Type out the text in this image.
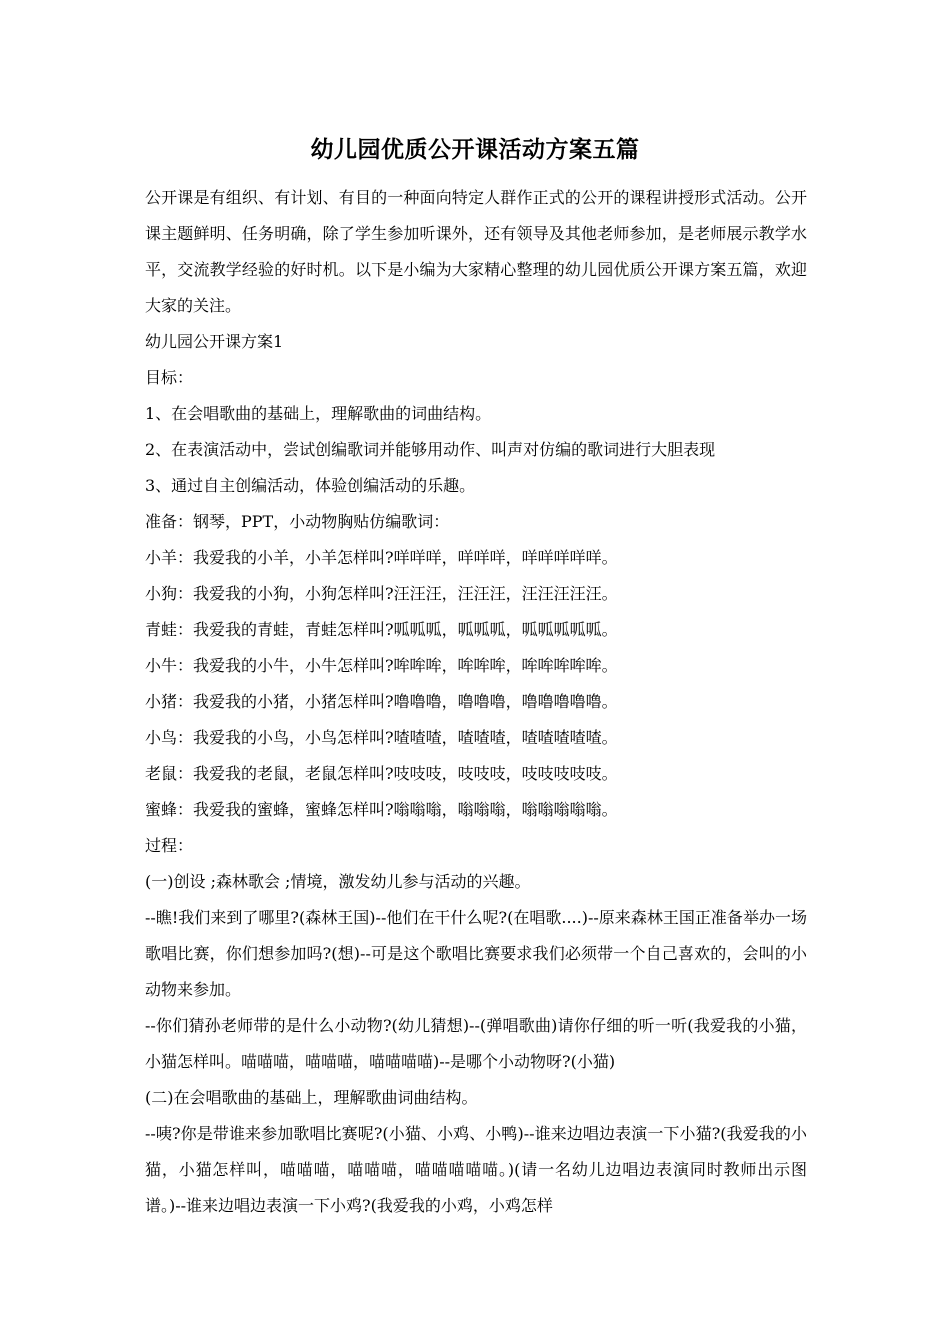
幼儿园优质公开课活动方案五篇

公开课是有组织、有计划、有目的一种面向特定人群作正式的公开的课程讲授形式活动。公开课主题鲜明、任务明确，除了学生参加听课外，还有领导及其他老师参加，是老师展示教学水平，交流教学经验的好时机。以下是小编为大家精心整理的幼儿园优质公开课方案五篇，欢迎大家的关注。

幼儿园公开课方案1

目标：

1、在会唱歌曲的基础上，理解歌曲的词曲结构。

2、在表演活动中，尝试创编歌词并能够用动作、叫声对仿编的歌词进行大胆表现

3、通过自主创编活动，体验创编活动的乐趣。

准备：钢琴，PPT，小动物胸贴仿编歌词：

小羊：我爱我的小羊，小羊怎样叫?咩咩咩，咩咩咩，咩咩咩咩咩。

小狗：我爱我的小狗，小狗怎样叫?汪汪汪，汪汪汪，汪汪汪汪汪。

青蛙：我爱我的青蛙，青蛙怎样叫?呱呱呱，呱呱呱，呱呱呱呱呱。

小牛：我爱我的小牛，小牛怎样叫?哞哞哞，哞哞哞，哞哞哞哞哞。

小猪：我爱我的小猪，小猪怎样叫?噜噜噜，噜噜噜，噜噜噜噜噜。

小鸟：我爱我的小鸟，小鸟怎样叫?喳喳喳，喳喳喳，喳喳喳喳喳。

老鼠：我爱我的老鼠，老鼠怎样叫?吱吱吱，吱吱吱，吱吱吱吱吱。

蜜蜂：我爱我的蜜蜂，蜜蜂怎样叫?嗡嗡嗡，嗡嗡嗡，嗡嗡嗡嗡嗡。

过程：

(一)创设 ;森林歌会 ;情境，激发幼儿参与活动的兴趣。

--瞧!我们来到了哪里?(森林王国)--他们在干什么呢?(在唱歌....)--原来森林王国正准备举办一场歌唱比赛，你们想参加吗?(想)--可是这个歌唱比赛要求我们必须带一个自己喜欢的，会叫的小动物来参加。

--你们猜孙老师带的是什么小动物?(幼儿猜想)--(弹唱歌曲)请你仔细的听一听(我爱我的小猫，小猫怎样叫。喵喵喵，喵喵喵，喵喵喵喵)--是哪个小动物呀?(小猫)

(二)在会唱歌曲的基础上，理解歌曲词曲结构。

--咦?你是带谁来参加歌唱比赛呢?(小猫、小鸡、小鸭)--谁来边唱边表演一下小猫?(我爱我的小猫，小猫怎样叫，喵喵喵，喵喵喵，喵喵喵喵喵。)(请一名幼儿边唱边表演同时教师出示图谱。)--谁来边唱边表演一下小鸡?(我爱我的小鸡，小鸡怎样
